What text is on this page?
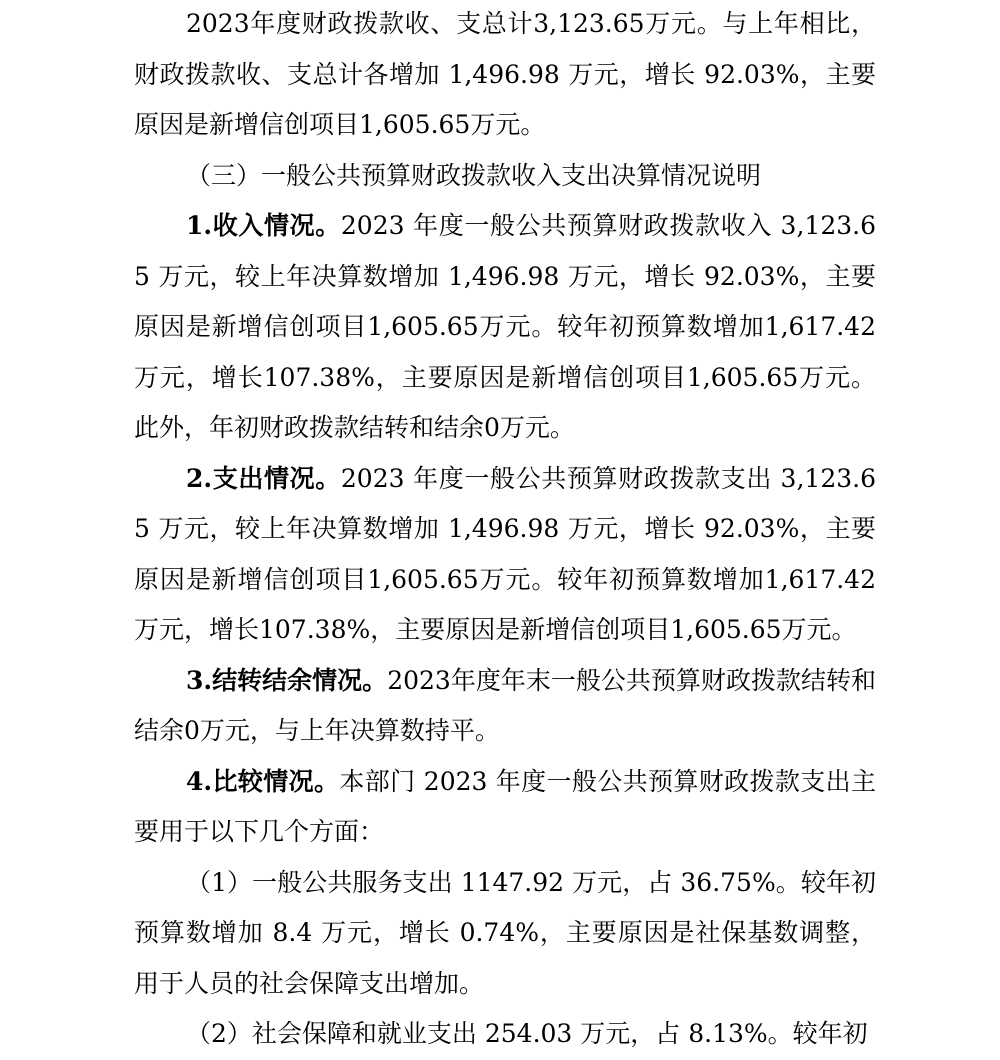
2023年度财政拨款收、支总计3,123.65万元。与上年相比，财政拨款收、支总计各增加 1,496.98 万元，增长 92.03%，主要原因是新增信创项目1,605.65万元。

（三）一般公共预算财政拨款收入支出决算情况说明

1.收入情况。2023 年度一般公共预算财政拨款收入 3,123.65 万元，较上年决算数增加 1,496.98 万元，增长 92.03%，主要原因是新增信创项目1,605.65万元。较年初预算数增加1,617.42万元，增长107.38%，主要原因是新增信创项目1,605.65万元。此外，年初财政拨款结转和结余0万元。

2.支出情况。2023 年度一般公共预算财政拨款支出 3,123.65 万元，较上年决算数增加 1,496.98 万元，增长 92.03%，主要原因是新增信创项目1,605.65万元。较年初预算数增加1,617.42万元，增长107.38%，主要原因是新增信创项目1,605.65万元。

3.结转结余情况。2023年度年末一般公共预算财政拨款结转和结余0万元，与上年决算数持平。

4.比较情况。本部门 2023 年度一般公共预算财政拨款支出主要用于以下几个方面：

（1）一般公共服务支出 1147.92 万元，占 36.75%。较年初预算数增加 8.4 万元，增长 0.74%，主要原因是社保基数调整，用于人员的社会保障支出增加。

（2）社会保障和就业支出 254.03 万元，占 8.13%。较年初
